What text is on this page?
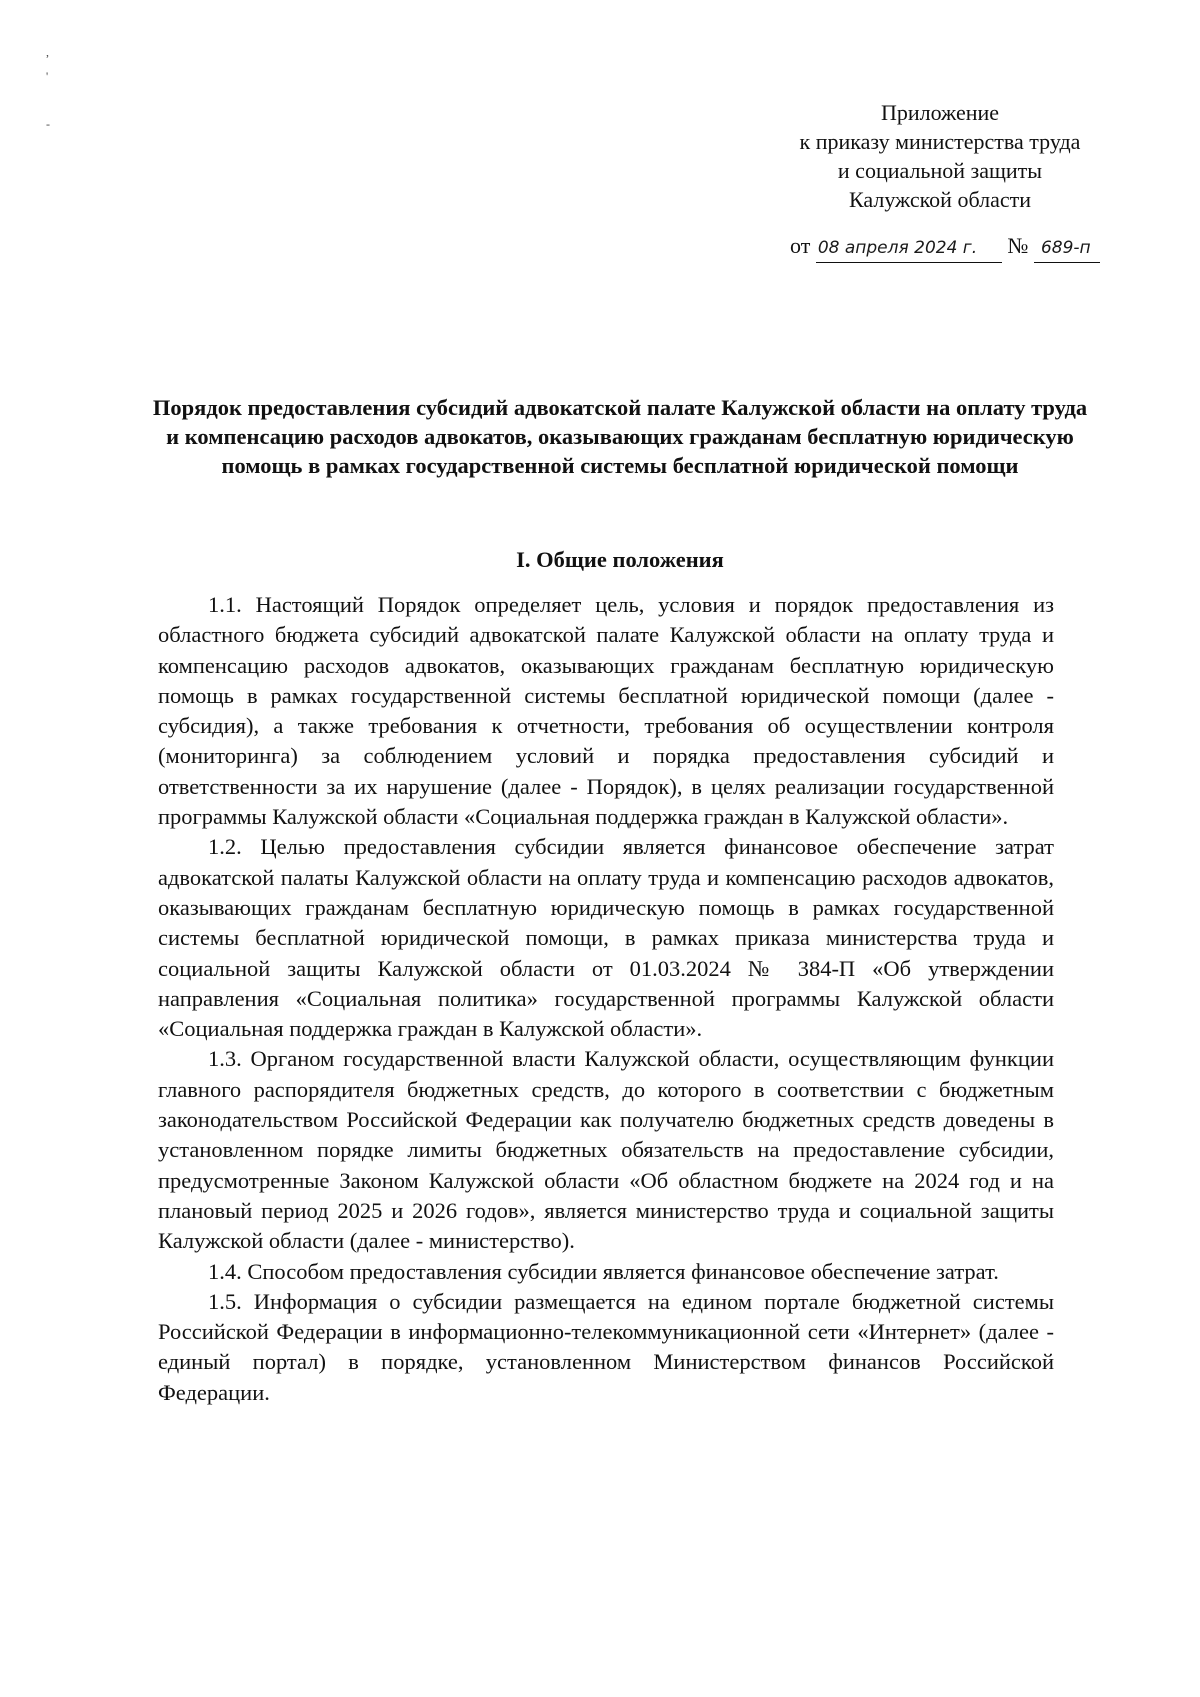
,
'

-	Приложение
к приказу министерства труда
и социальной защиты
Калужской области
от 08 апреля 2024 г. № 689-п
Порядок предоставления субсидий адвокатской палате Калужской области на оплату труда и компенсацию расходов адвокатов, оказывающих гражданам бесплатную юридическую помощь в рамках государственной системы бесплатной юридической помощи
I. Общие положения

1.1. Настоящий Порядок определяет цель, условия и порядок предоставления из областного бюджета субсидий адвокатской палате Калужской области на оплату труда и компенсацию расходов адвокатов, оказывающих гражданам бесплатную юридическую помощь в рамках государственной системы бесплатной юридической помощи (далее - субсидия), а также требования к отчетности, требования об осуществлении контроля (мониторинга) за соблюдением условий и порядка предоставления субсидий и ответственности за их нарушение (далее - Порядок), в целях реализации государственной программы Калужской области «Социальная поддержка граждан в Калужской области».

1.2. Целью предоставления субсидии является финансовое обеспечение затрат адвокатской палаты Калужской области на оплату труда и компенсацию расходов адвокатов, оказывающих гражданам бесплатную юридическую помощь в рамках государственной системы бесплатной юридической помощи, в рамках приказа министерства труда и социальной защиты Калужской области от 01.03.2024 № 384-П «Об утверждении направления «Социальная политика» государственной программы Калужской области «Социальная поддержка граждан в Калужской области».

1.3. Органом государственной власти Калужской области, осуществляющим функции главного распорядителя бюджетных средств, до которого в соответствии с бюджетным законодательством Российской Федерации как получателю бюджетных средств доведены в установленном порядке лимиты бюджетных обязательств на предоставление субсидии, предусмотренные Законом Калужской области «Об областном бюджете на 2024 год и на плановый период 2025 и 2026 годов», является министерство труда и социальной защиты Калужской области (далее - министерство).

1.4. Способом предоставления субсидии является финансовое обеспечение затрат.

1.5. Информация о субсидии размещается на едином портале бюджетной системы Российской Федерации в информационно-телекоммуникационной сети «Интернет» (далее - единый портал) в порядке, установленном Министерством финансов Российской Федерации.
